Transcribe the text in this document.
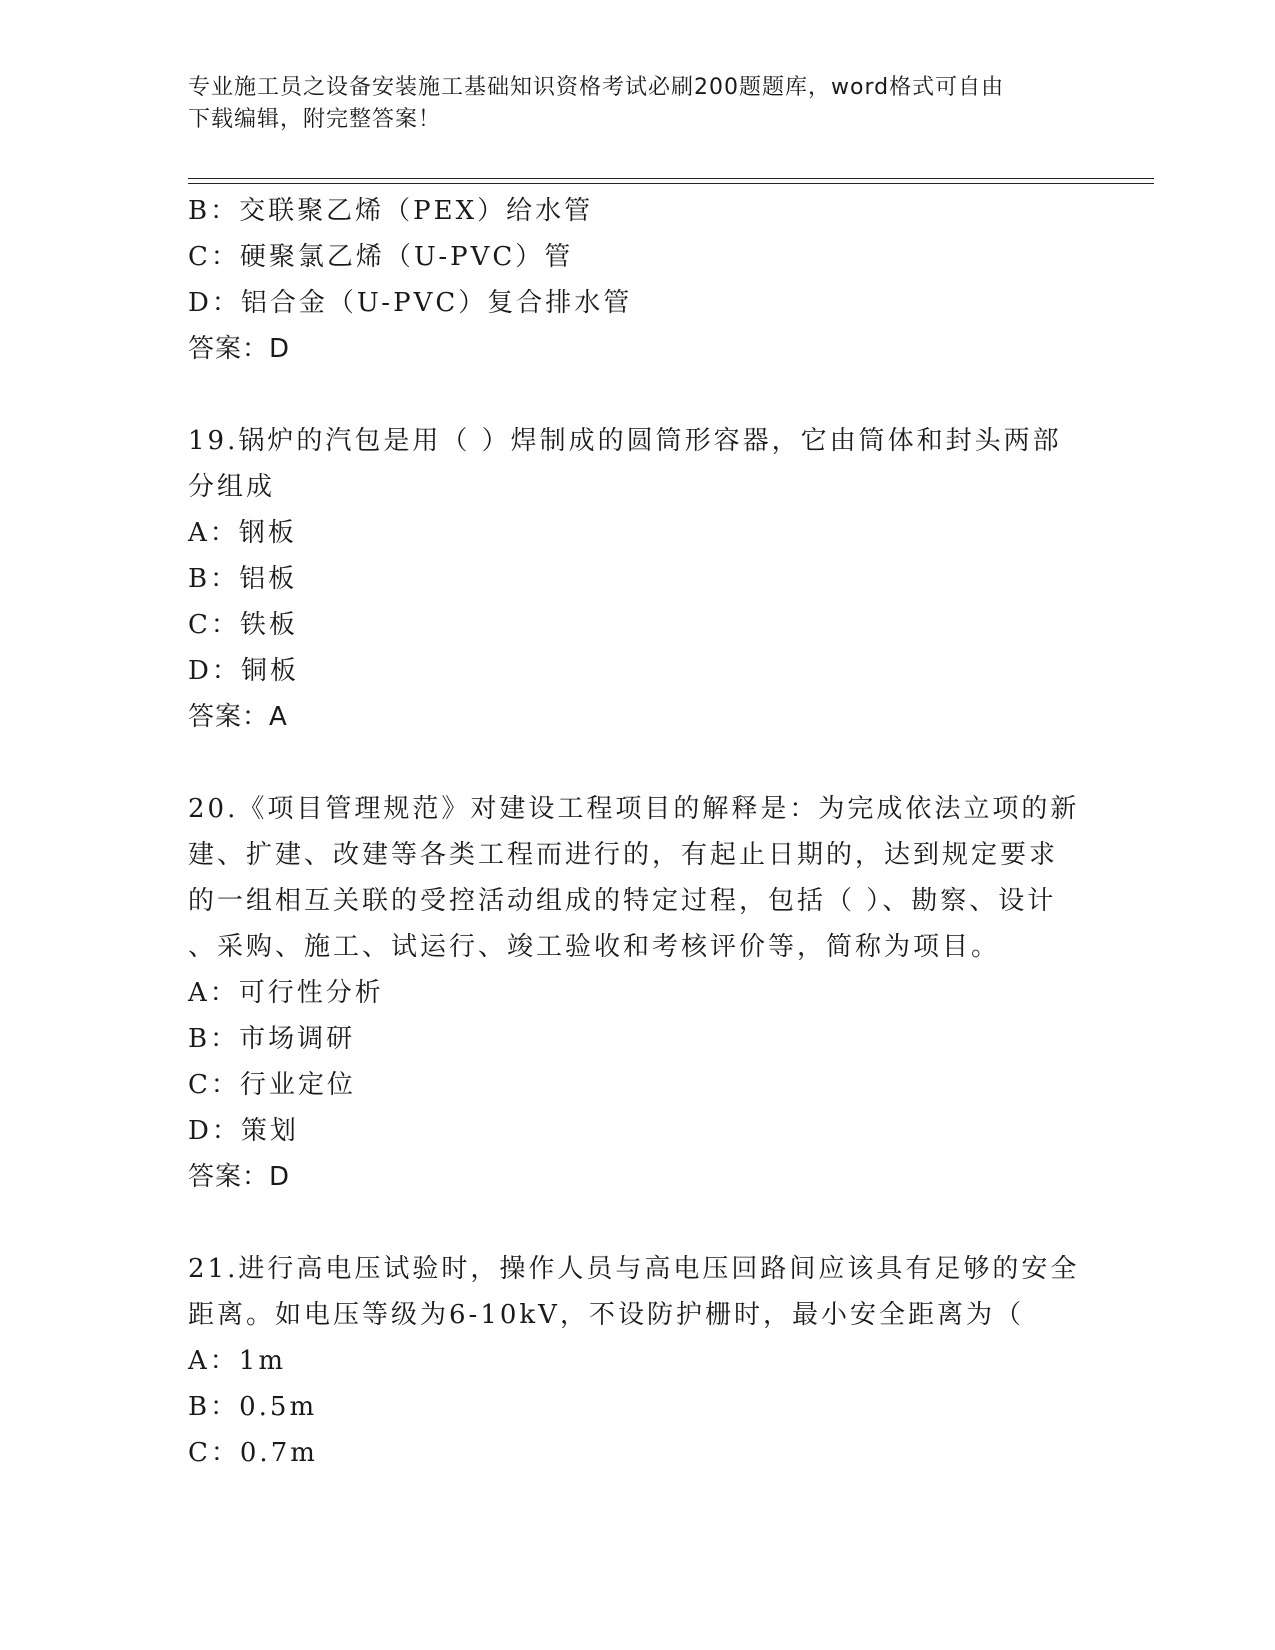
专业施工员之设备安装施工基础知识资格考试必刷200题题库，word格式可自由
下载编辑，附完整答案！
B：交联聚乙烯（PEX）给水管
C：硬聚氯乙烯（U-PVC）管
D：铝合金（U-PVC）复合排水管
答案：D
19.锅炉的汽包是用（ ）焊制成的圆筒形容器，它由筒体和封头两部
分组成
A：钢板
B：铝板
C：铁板
D：铜板
答案：A
20.《项目管理规范》对建设工程项目的解释是：为完成依法立项的新
建、扩建、改建等各类工程而进行的，有起止日期的，达到规定要求
的一组相互关联的受控活动组成的特定过程，包括（ ）、勘察、设计
、采购、施工、试运行、竣工验收和考核评价等，简称为项目。
A：可行性分析
B：市场调研
C：行业定位
D：策划
答案：D
21.进行高电压试验时，操作人员与高电压回路间应该具有足够的安全
距离。如电压等级为6-10kV，不设防护栅时，最小安全距离为（
A：1m
B：0.5m
C：0.7m
